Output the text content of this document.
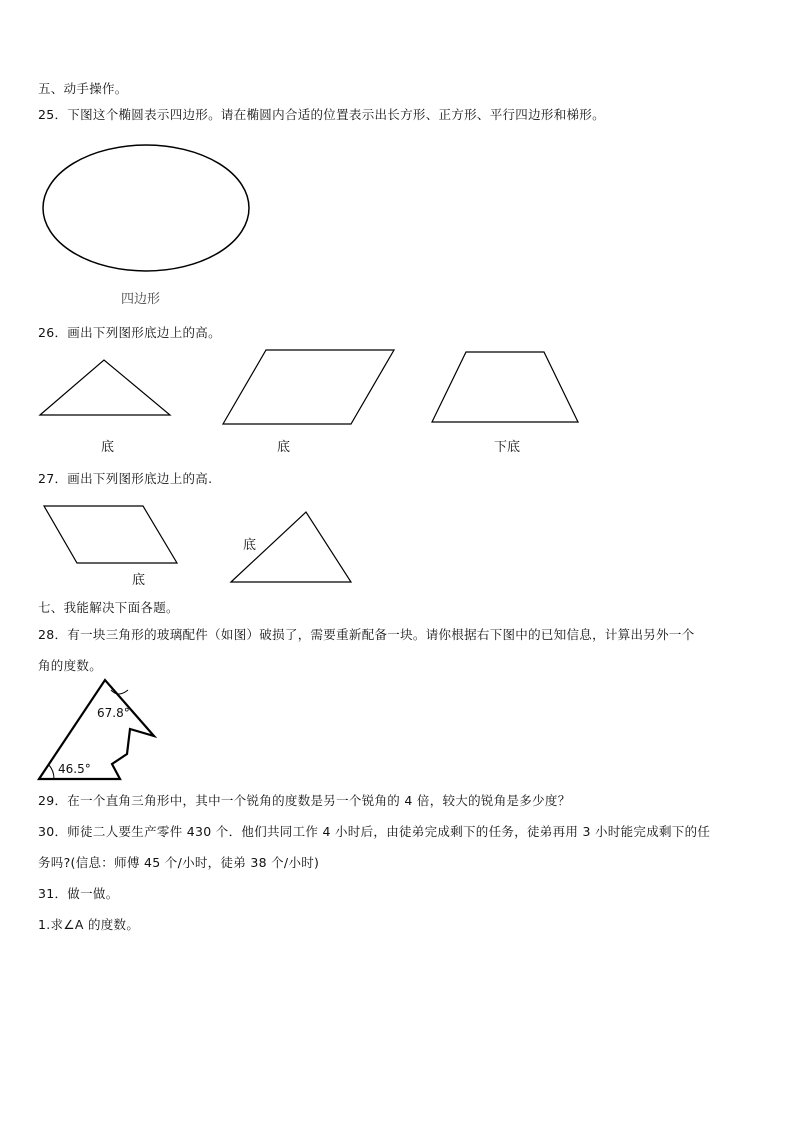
五、动手操作。
25．下图这个椭圆表示四边形。请在椭圆内合适的位置表示出长方形、正方形、平行四边形和梯形。
26．画出下列图形底边上的高。
27．画出下列图形底边上的高.
七、我能解决下面各题。
28．有一块三角形的玻璃配件（如图）破损了，需要重新配备一块。请你根据右下图中的已知信息，计算出另外一个
角的度数。
29．在一个直角三角形中，其中一个锐角的度数是另一个锐角的 4 倍，较大的锐角是多少度？
30．师徒二人要生产零件 430 个．他们共同工作 4 小时后，由徒弟完成剩下的任务，徒弟再用 3 小时能完成剩下的任
务吗?(信息：师傅 45 个/小时，徒弟 38 个/小时)
31．做一做。
1.求∠A 的度数。
四边形
底	底	下底
底
底
67.8°
46.5°
